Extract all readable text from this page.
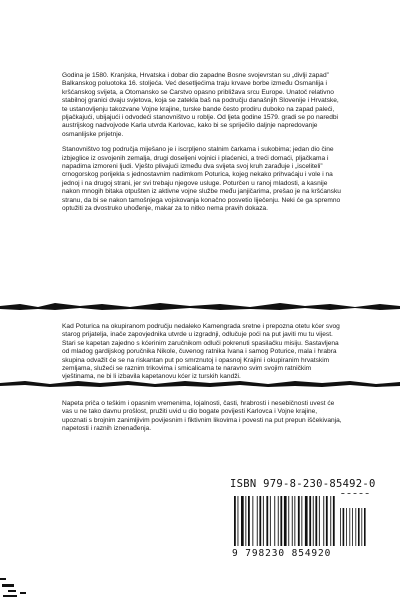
Godina je 1580. Kranjska, Hrvatska i dobar dio zapadne Bosne svojevrstan su „divlji zapad” Balkanskog poluotoka 16. stoljeća. Već desetljećima traju krvave borbe između Osmanlija i kršćanskog svijeta, a Otomansko se Carstvo opasno približava srcu Europe. Unatoč relativno stabilnoj granici dvaju svjetova, koja se zatekla baš na području današnjih Slovenije i Hrvatske, te ustanovljenju takozvane Vojne krajine, turske bande često prodiru duboko na zapad paleći, pljačkajući, ubijajući i odvodeći stanovništvo u roblje. Od ljeta godine 1579. gradi se po naredbi austrijskog nadvojvode Karla utvrda Karlovac, kako bi se spriječilo daljnje napredovanje osmanlijske prijetnje.

Stanovništvo tog područja miješano je i iscrpljeno stalnim čarkama i sukobima; jedan dio čine izbjeglice iz osvojenih zemalja, drugi doseljeni vojnici i plaćenici, a treći domaći, pljačkama i napadima izmoreni ljudi. Vješto plivajući između dva svijeta svoj kruh zarađuje i „isceliteli” crnogorskog porijekla s jednostavnim nadimkom Poturica, kojeg nekako prihvaćaju i vole i na jednoj i na drugoj strani, jer svi trebaju njegove usluge. Poturčen u ranoj mladosti, a kasnije nakon mnogih bitaka otpušten iz aktivne vojne službe među janjičarima, prešao je na kršćansku stranu, da bi se nakon tamošnjega vojskovanja konačno posvetio liječenju. Neki će ga spremno optužiti za dvostruko uhođenje, makar za to nitko nema pravih dokaza.

Kad Poturica na okupiranom području nedaleko Kamengrada sretne i prepozna otetu kćer svog starog prijatelja, inače zapovjednika utvrde u izgradnji, odlučuje poći na put javiti mu tu vijest. Stari se kapetan zajedno s kćerinim zaručnikom odluči pokrenuti spasilačku misiju. Sastavljena od mladog gardijskog poručnika Nikole, čuvenog ratnika Ivana i samog Poturice, mala i hrabra skupina odvažit će se na riskantan put po smrznutoj i opasnoj Krajini i okupiranim hrvatskim zemljama, služeći se raznim trikovima i smicalicama te naravno svim svojim ratničkim vještinama, ne bi li izbavila kapetanovu kćer iz turskih kandži.

Napeta priča o teškim i opasnim vremenima, lojalnosti, časti, hrabrosti i nesebičnosti uvest će vas u ne tako davnu prošlost, pružiti uvid u dio bogate povijesti Karlovca i Vojne krajine, upoznati s brojnim zanimljivim povijesnim i fiktivnim likovima i povesti na put prepun iščekivanja, napetosti i raznih iznenađenja.

ISBN 979-8-230-85492-0
9 798230 854920
